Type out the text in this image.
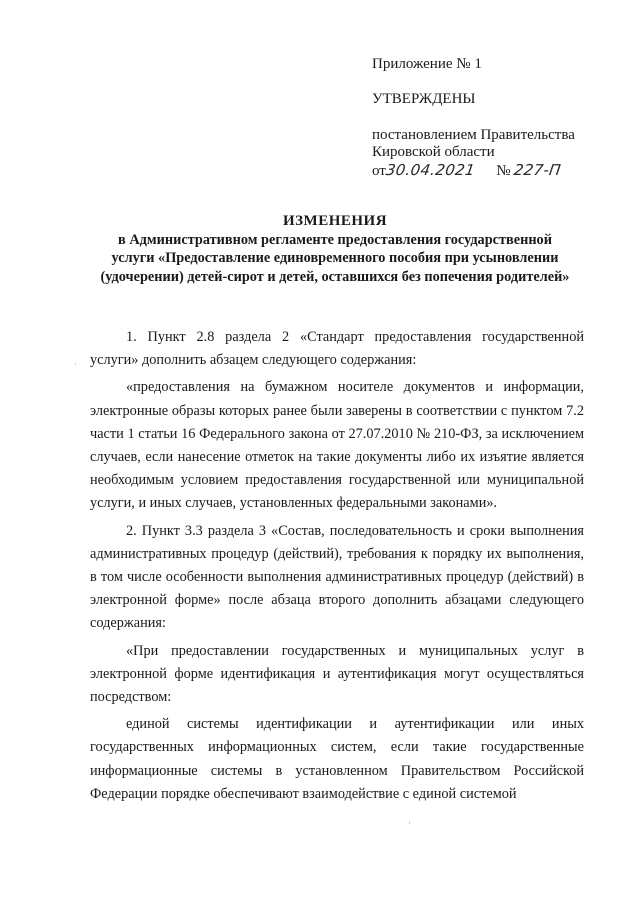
Приложение № 1
УТВЕРЖДЕНЫ
постановлением Правительства
Кировской области
от30.04.2021 № 227-П
ИЗМЕНЕНИЯ
в Административном регламенте предоставления государственной услуги «Предоставление единовременного пособия при усыновлении (удочерении) детей-сирот и детей, оставшихся без попечения родителей»

1. Пункт 2.8 раздела 2 «Стандарт предоставления государственной услуги» дополнить абзацем следующего содержания:

«предоставления на бумажном носителе документов и информации, электронные образы которых ранее были заверены в соответствии с пунктом 7.2 части 1 статьи 16 Федерального закона от 27.07.2010 № 210-ФЗ, за исключением случаев, если нанесение отметок на такие документы либо их изъятие является необходимым условием предоставления государственной или муниципальной услуги, и иных случаев, установленных федеральными законами».

2. Пункт 3.3 раздела 3 «Состав, последовательность и сроки выполнения административных процедур (действий), требования к порядку их выполнения, в том числе особенности выполнения административных процедур (действий) в электронной форме» после абзаца второго дополнить абзацами следующего содержания:

«При предоставлении государственных и муниципальных услуг в электронной форме идентификация и аутентификация могут осуществляться посредством:

единой системы идентификации и аутентификации или иных государственных информационных систем, если такие государственные информационные системы в установленном Правительством Российской Федерации порядке обеспечивают взаимодействие с единой системой

˙
·
